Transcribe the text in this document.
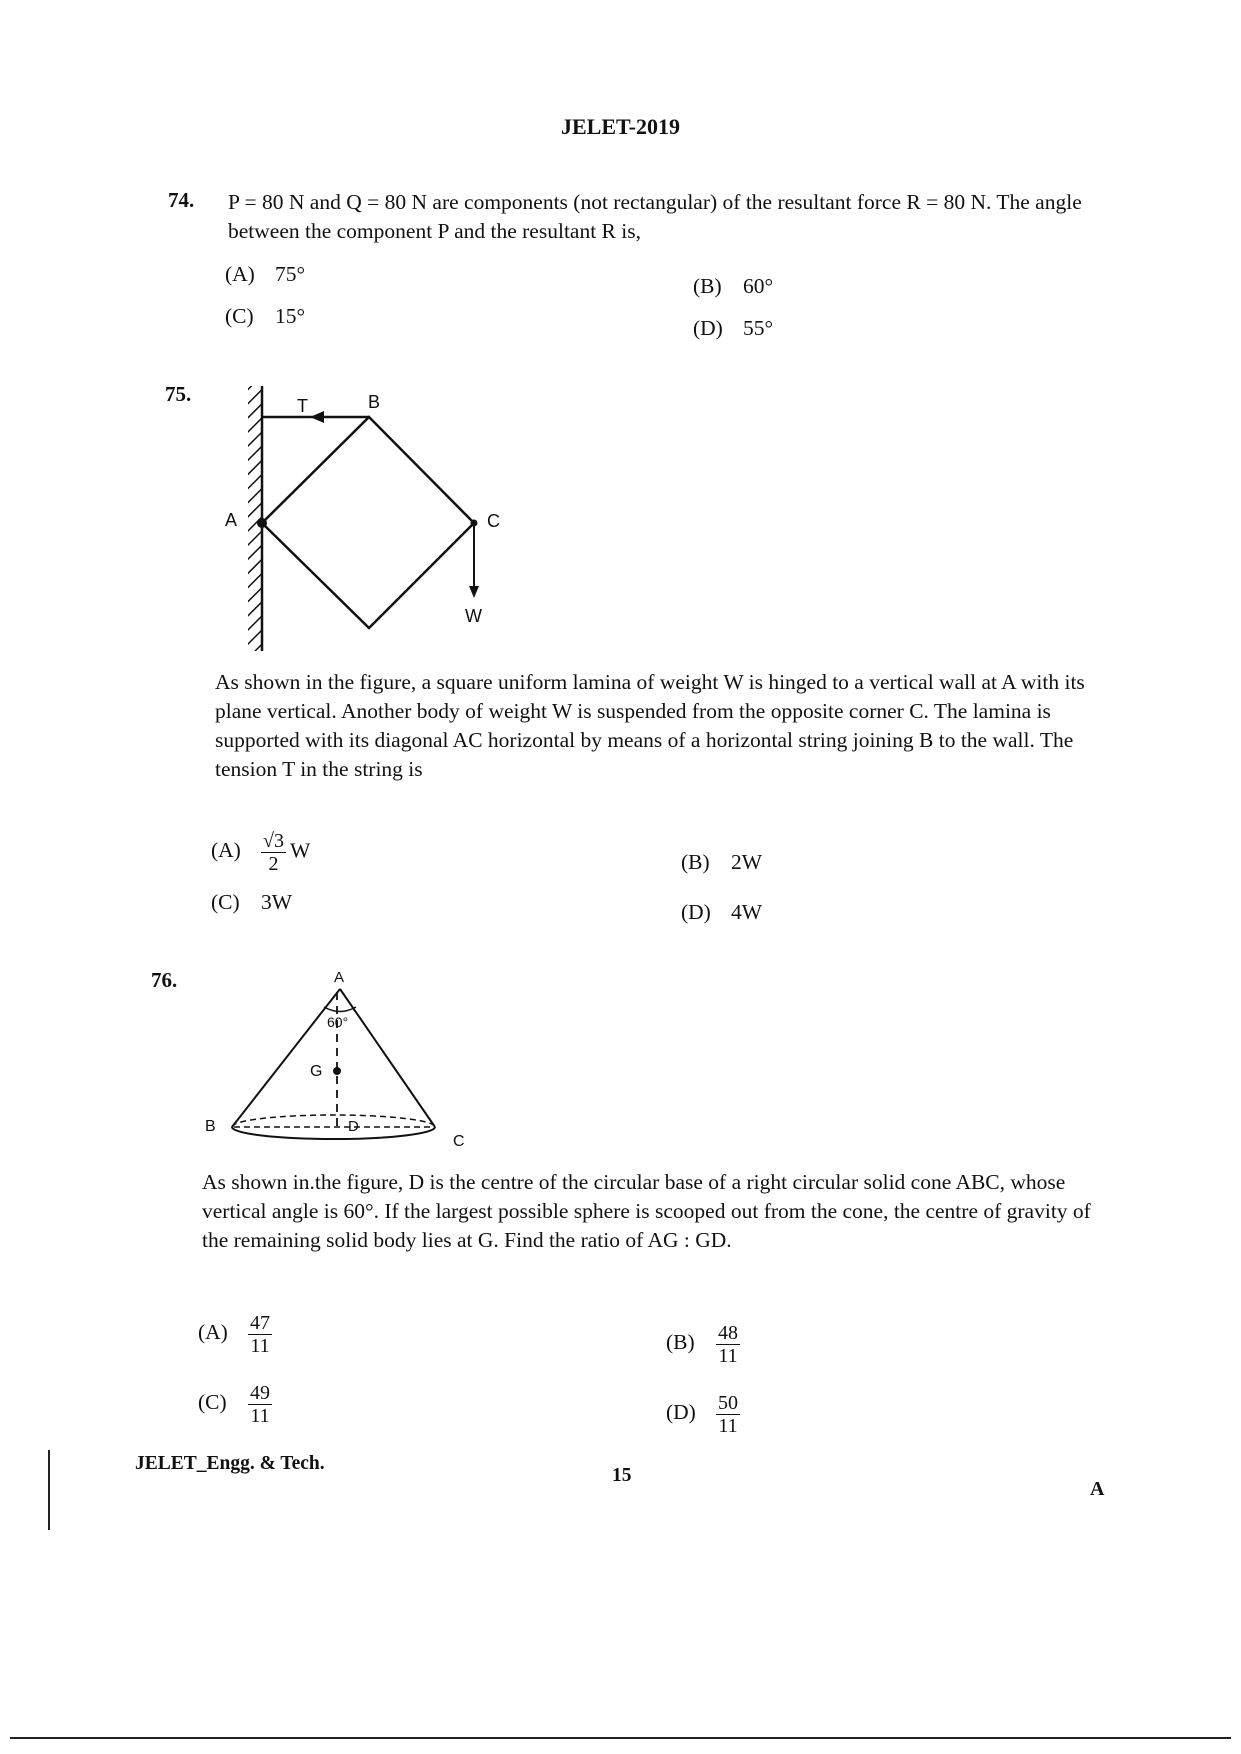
JELET-2019
74. P = 80 N and Q = 80 N are components (not rectangular) of the resultant force R = 80 N. The angle between the component P and the resultant R is,
(A) 75°	(B) 60°
(C) 15°	(D) 55°
75.	T	B
A	C
W
As shown in the figure, a square uniform lamina of weight W is hinged to a vertical wall at A with its plane vertical. Another body of weight W is suspended from the opposite corner C. The lamina is supported with its diagonal AC horizontal by means of a horizontal string joining B to the wall. The tension T in the string is
$(A) \frac{√3}{2}$ W	(B) 2W
(C) 3W	(D) 4W
76.	A
60°
G
B	D
C
As shown in.the figure, D is the centre of the circular base of a right circular solid cone ABC, whose vertical angle is 60°. If the largest possible sphere is scooped out from the cone, the centre of gravity of the remaining solid body lies at G. Find the ratio of AG : GD.
$(A) \frac{47}{11}$	$(B) \frac{48}{11}$
$(C) \frac{49}{11}$	$(D) \frac{50}{11}$
JELET_Engg. & Tech.
15
A
